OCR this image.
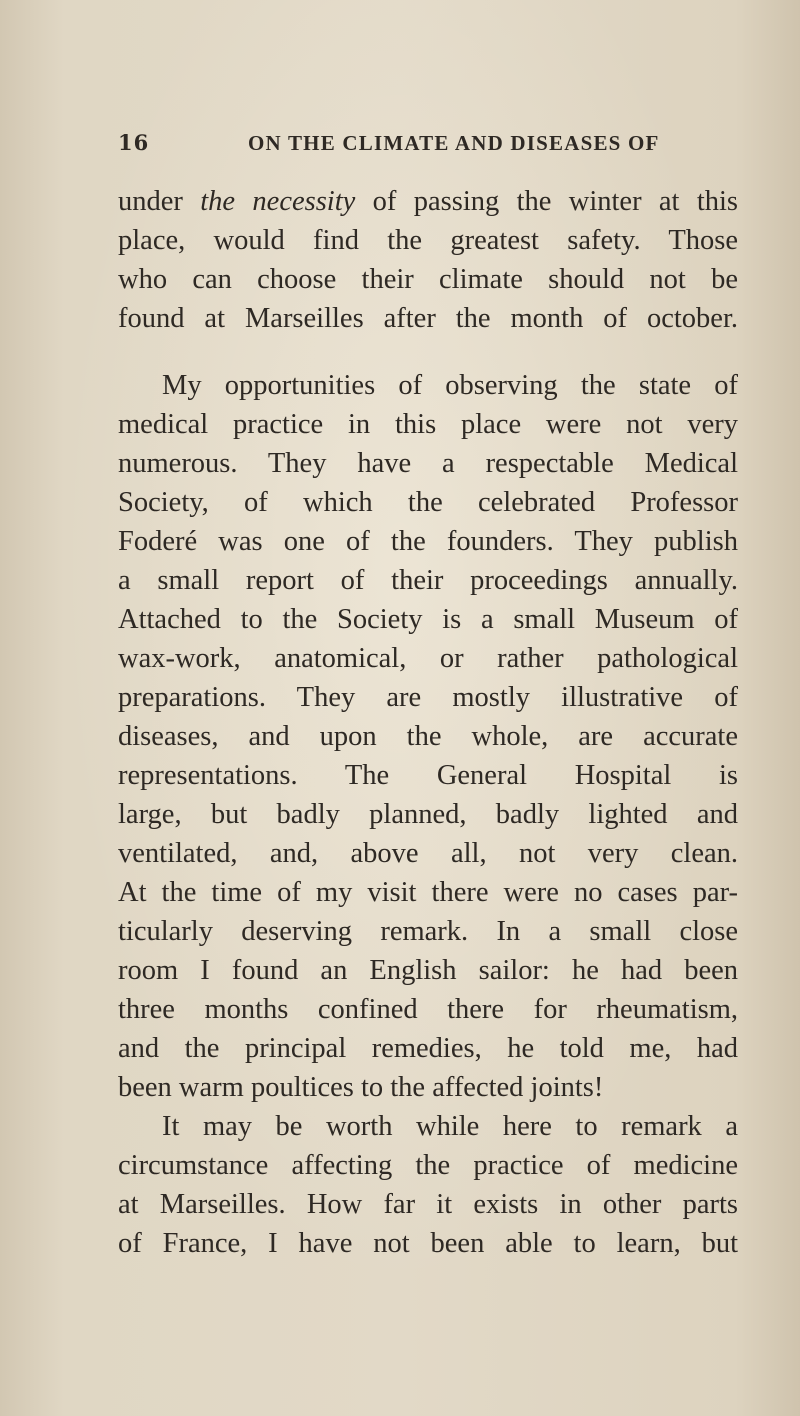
16	ON THE CLIMATE AND DISEASES OF
under the necessity of passing the winter at this
place, would find the greatest safety. Those
who can choose their climate should not be
found at Marseilles after the month of october.
My opportunities of observing the state of
medical practice in this place were not very
numerous. They have a respectable Medical
Society, of which the celebrated Professor
Foderé was one of the founders. They publish
a small report of their proceedings annually.
Attached to the Society is a small Museum of
wax-work, anatomical, or rather pathological
preparations. They are mostly illustrative of
diseases, and upon the whole, are accurate
representations. The General Hospital is
large, but badly planned, badly lighted and
ventilated, and, above all, not very clean.
At the time of my visit there were no cases par-
ticularly deserving remark. In a small close
room I found an English sailor: he had been
three months confined there for rheumatism,
and the principal remedies, he told me, had
been warm poultices to the affected joints!
It may be worth while here to remark a
circumstance affecting the practice of medicine
at Marseilles. How far it exists in other parts
of France, I have not been able to learn, but
